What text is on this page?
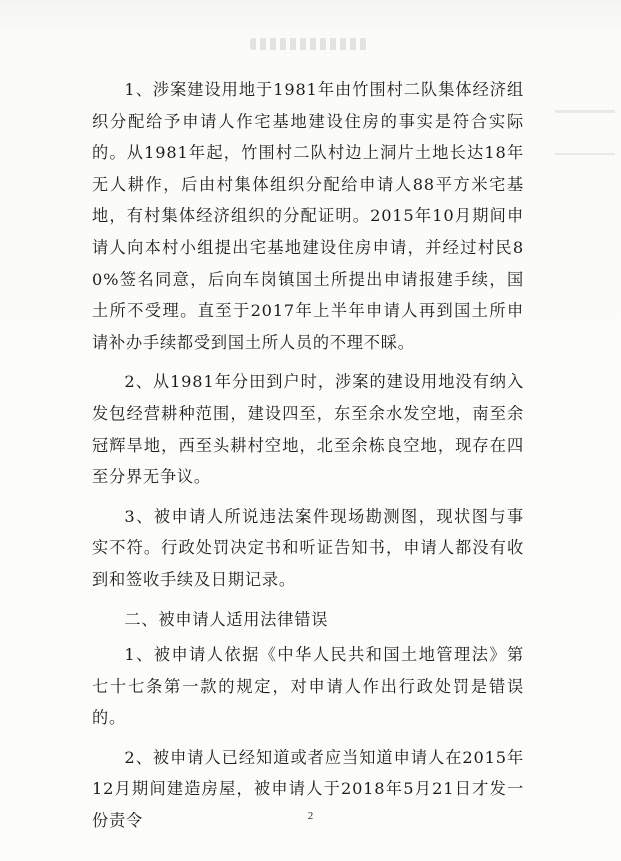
1、涉案建设用地于1981年由竹围村二队集体经济组织分配给予申请人作宅基地建设住房的事实是符合实际的。从1981年起，竹围村二队村边上洞片土地长达18年无人耕作，后由村集体组织分配给申请人88平方米宅基地，有村集体经济组织的分配证明。2015年10月期间申请人向本村小组提出宅基地建设住房申请，并经过村民80%签名同意，后向车岗镇国土所提出申请报建手续，国土所不受理。直至于2017年上半年申请人再到国土所申请补办手续都受到国土所人员的不理不睬。

2、从1981年分田到户时，涉案的建设用地没有纳入发包经营耕种范围，建设四至，东至余水发空地，南至余冠辉旱地，西至头耕村空地，北至余栋良空地，现存在四至分界无争议。

3、被申请人所说违法案件现场勘测图，现状图与事实不符。行政处罚决定书和听证告知书，申请人都没有收到和签收手续及日期记录。

二、被申请人适用法律错误

1、被申请人依据《中华人民共和国土地管理法》第七十七条第一款的规定，对申请人作出行政处罚是错误的。

2、被申请人已经知道或者应当知道申请人在2015年12月期间建造房屋，被申请人于2018年5月21日才发一份责令	2
